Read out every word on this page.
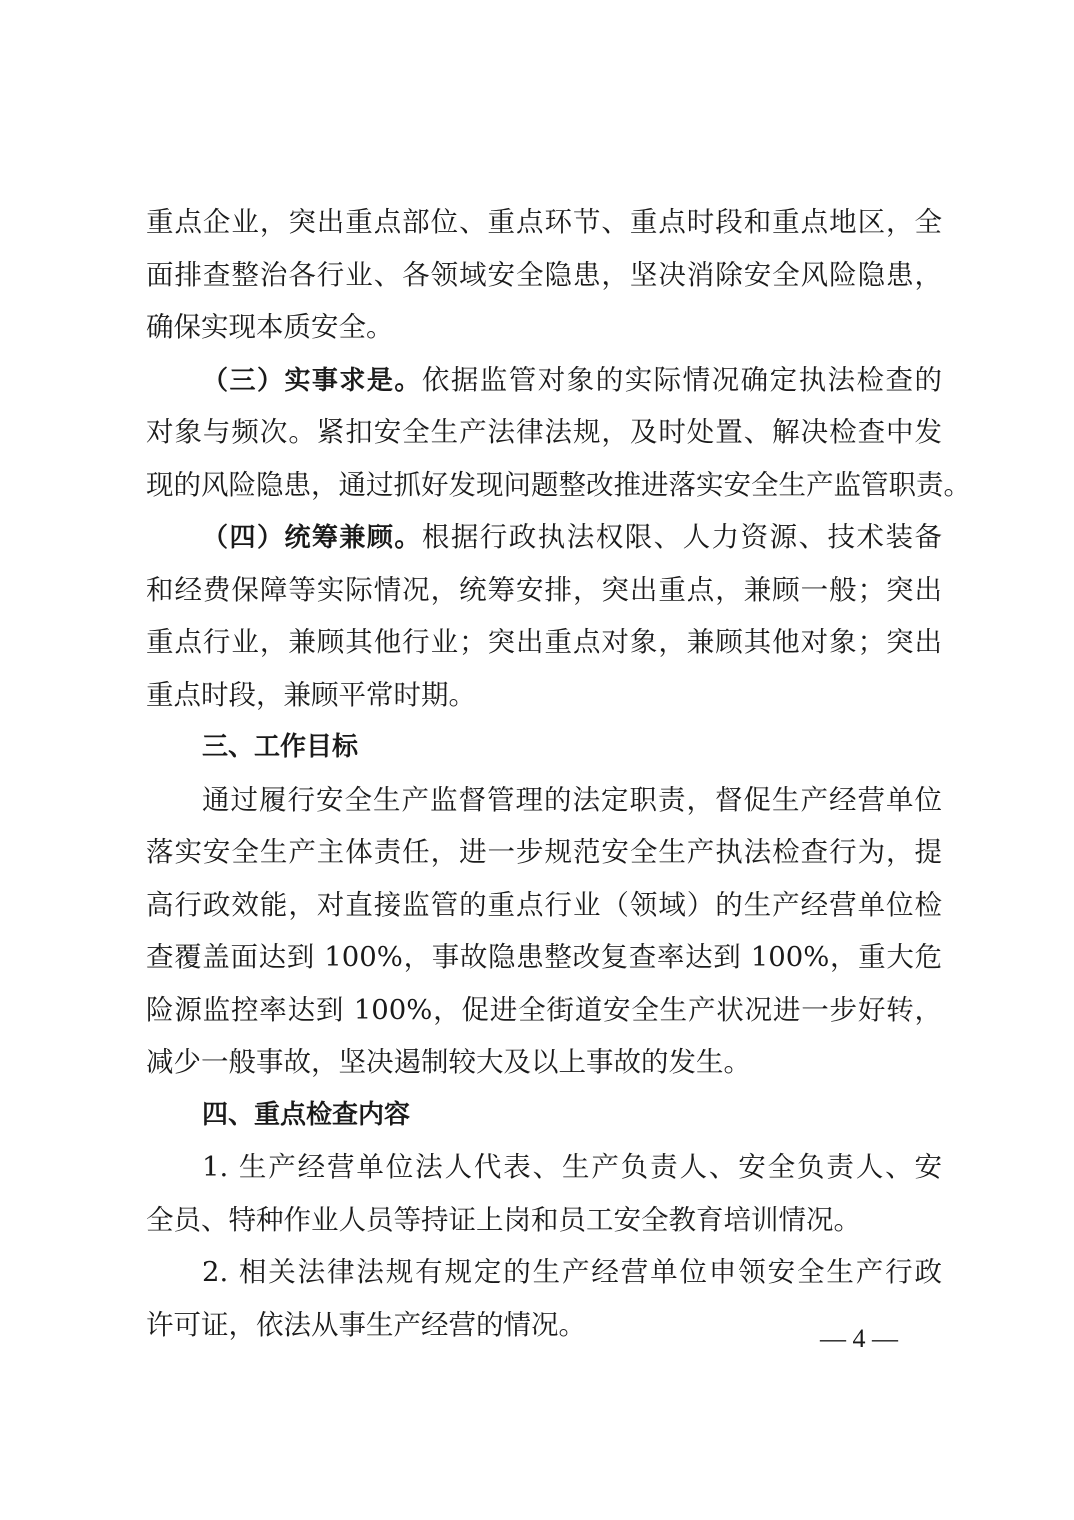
重点企业，突出重点部位、重点环节、重点时段和重点地区，全
面排查整治各行业、各领域安全隐患，坚决消除安全风险隐患，
确保实现本质安全。
（三）实事求是。依据监管对象的实际情况确定执法检查的
对象与频次。紧扣安全生产法律法规，及时处置、解决检查中发
现的风险隐患，通过抓好发现问题整改推进落实安全生产监管职责。
（四）统筹兼顾。根据行政执法权限、人力资源、技术装备
和经费保障等实际情况，统筹安排，突出重点，兼顾一般；突出
重点行业，兼顾其他行业；突出重点对象，兼顾其他对象；突出
重点时段，兼顾平常时期。
三、工作目标
通过履行安全生产监督管理的法定职责，督促生产经营单位
落实安全生产主体责任，进一步规范安全生产执法检查行为，提
高行政效能，对直接监管的重点行业（领域）的生产经营单位检
查覆盖面达到 100%，事故隐患整改复查率达到 100%，重大危
险源监控率达到 100%，促进全街道安全生产状况进一步好转，
减少一般事故，坚决遏制较大及以上事故的发生。
四、重点检查内容
1. 生产经营单位法人代表、生产负责人、安全负责人、安
全员、特种作业人员等持证上岗和员工安全教育培训情况。
2. 相关法律法规有规定的生产经营单位申领安全生产行政
许可证，依法从事生产经营的情况。	— 4 —
